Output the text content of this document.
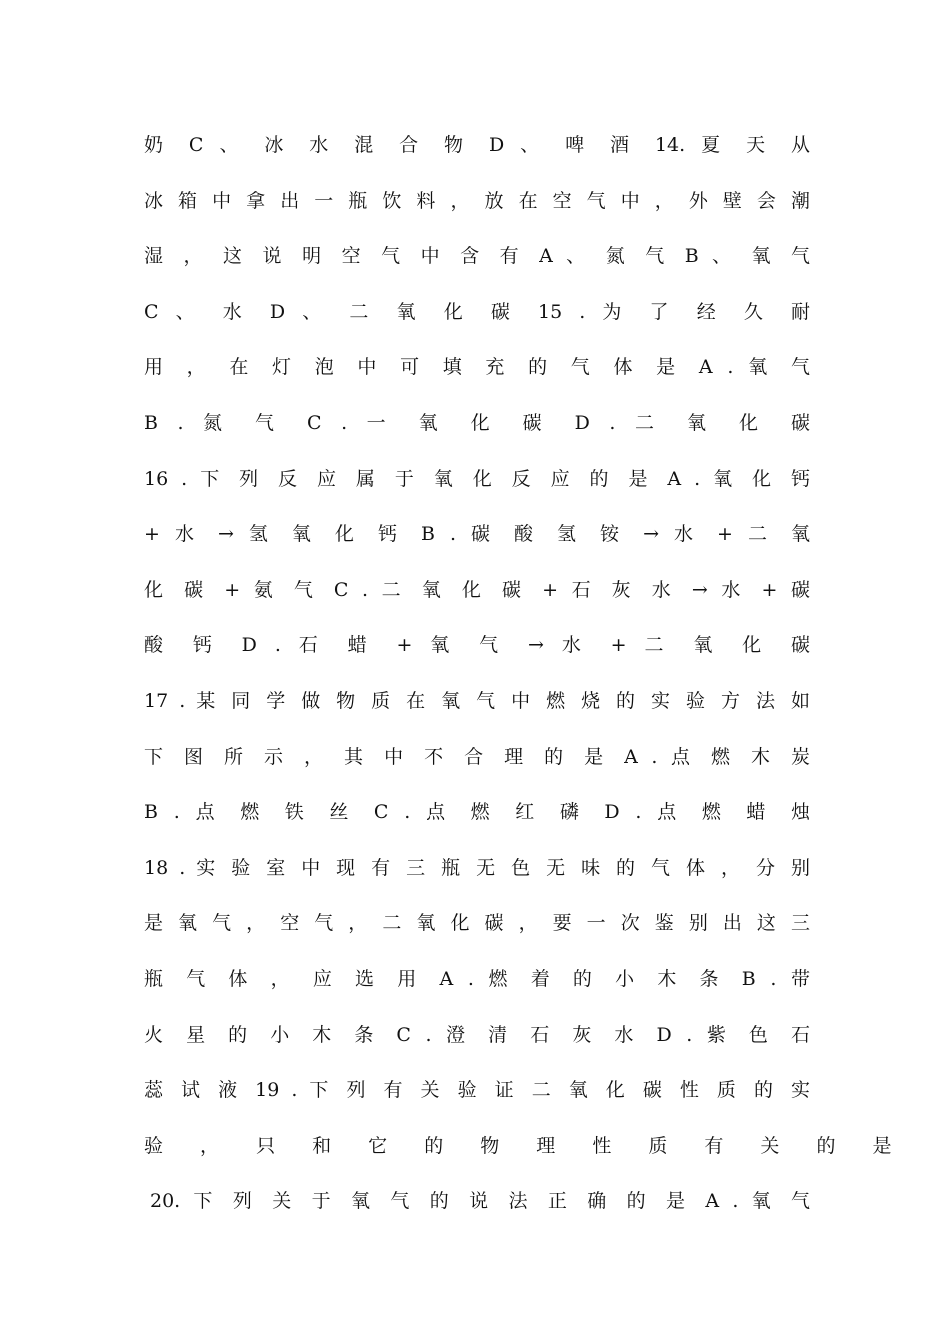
奶 C 、 冰 水 混 合 物 D 、 啤 酒 14. 夏 天 从
冰 箱 中 拿 出 一 瓶 饮 料 ， 放 在 空 气 中 ， 外 壁 会 潮
湿 ， 这 说 明 空 气 中 含 有 A 、 氮 气 B 、 氧 气
C 、 水 D 、 二 氧 化 碳 15 . 为 了 经 久 耐
用 ， 在 灯 泡 中 可 填 充 的 气 体 是 A . 氧 气
B . 氮 气 C . 一 氧 化 碳 D . 二 氧 化 碳
16 . 下 列 反 应 属 于 氧 化 反 应 的 是 A . 氧 化 钙
+ 水 → 氢 氧 化 钙 B . 碳 酸 氢 铵 → 水 + 二 氧
化 碳 + 氨 气 C . 二 氧 化 碳 + 石 灰 水 → 水 + 碳
酸 钙 D . 石 蜡 + 氧 气 → 水 + 二 氧 化 碳
17 . 某 同 学 做 物 质 在 氧 气 中 燃 烧 的 实 验 方 法 如
下 图 所 示 ， 其 中 不 合 理 的 是 A . 点 燃 木 炭
B . 点 燃 铁 丝 C . 点 燃 红 磷 D . 点 燃 蜡 烛
18 . 实 验 室 中 现 有 三 瓶 无 色 无 味 的 气 体 ， 分 别
是 氧 气 ， 空 气 ， 二 氧 化 碳 ， 要 一 次 鉴 别 出 这 三
瓶 气 体 ， 应 选 用 A . 燃 着 的 小 木 条 B . 带
火 星 的 小 木 条 C . 澄 清 石 灰 水 D . 紫 色 石
蕊 试 液 19 . 下 列 有 关 验 证 二 氧 化 碳 性 质 的 实
验 ， 只 和 它 的 物 理 性 质 有 关 的 是
20. 下 列 关 于 氧 气 的 说 法 正 确 的 是 A . 氧 气
